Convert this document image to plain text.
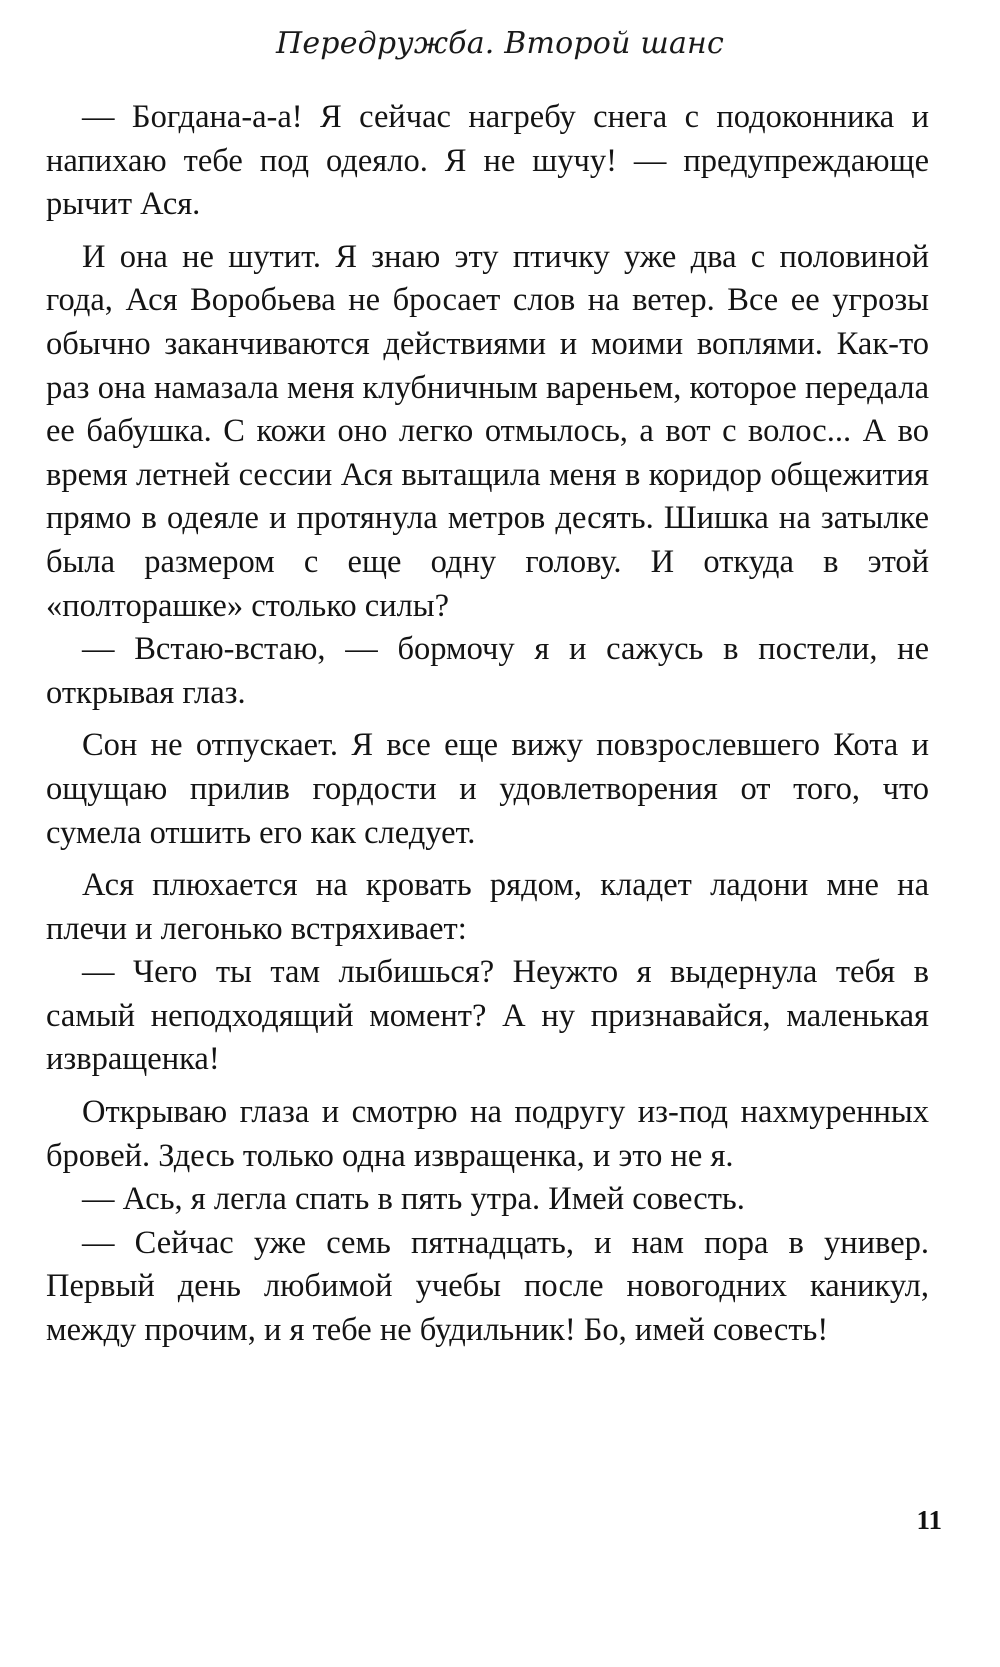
Передружба. Второй шанс

— Богдана-а-а! Я сейчас нагребу снега с подоконника и напихаю тебе под одеяло. Я не шучу! — предупреждающе рычит Ася.

И она не шутит. Я знаю эту птичку уже два с половиной года, Ася Воробьева не бросает слов на ветер. Все ее угрозы обычно заканчиваются действиями и моими воплями. Как-то раз она намазала меня клубничным вареньем, которое передала ее бабушка. С кожи оно легко отмылось, а вот с волос... А во время летней сессии Ася вытащила меня в коридор общежития прямо в одеяле и протянула метров десять. Шишка на затылке была размером с еще одну голову. И откуда в этой «полторашке» столько силы?

— Встаю-встаю, — бормочу я и сажусь в постели, не открывая глаз.

Сон не отпускает. Я все еще вижу повзрослевшего Кота и ощущаю прилив гордости и удовлетворения от того, что сумела отшить его как следует.

Ася плюхается на кровать рядом, кладет ладони мне на плечи и легонько встряхивает:

— Чего ты там лыбишься? Неужто я выдернула тебя в самый неподходящий момент? А ну признавайся, маленькая извращенка!

Открываю глаза и смотрю на подругу из-под нахмуренных бровей. Здесь только одна извращенка, и это не я.

— Ась, я легла спать в пять утра. Имей совесть.

— Сейчас уже семь пятнадцать, и нам пора в универ. Первый день любимой учебы после новогодних каникул, между прочим, и я тебе не будильник! Бо, имей совесть!

11
